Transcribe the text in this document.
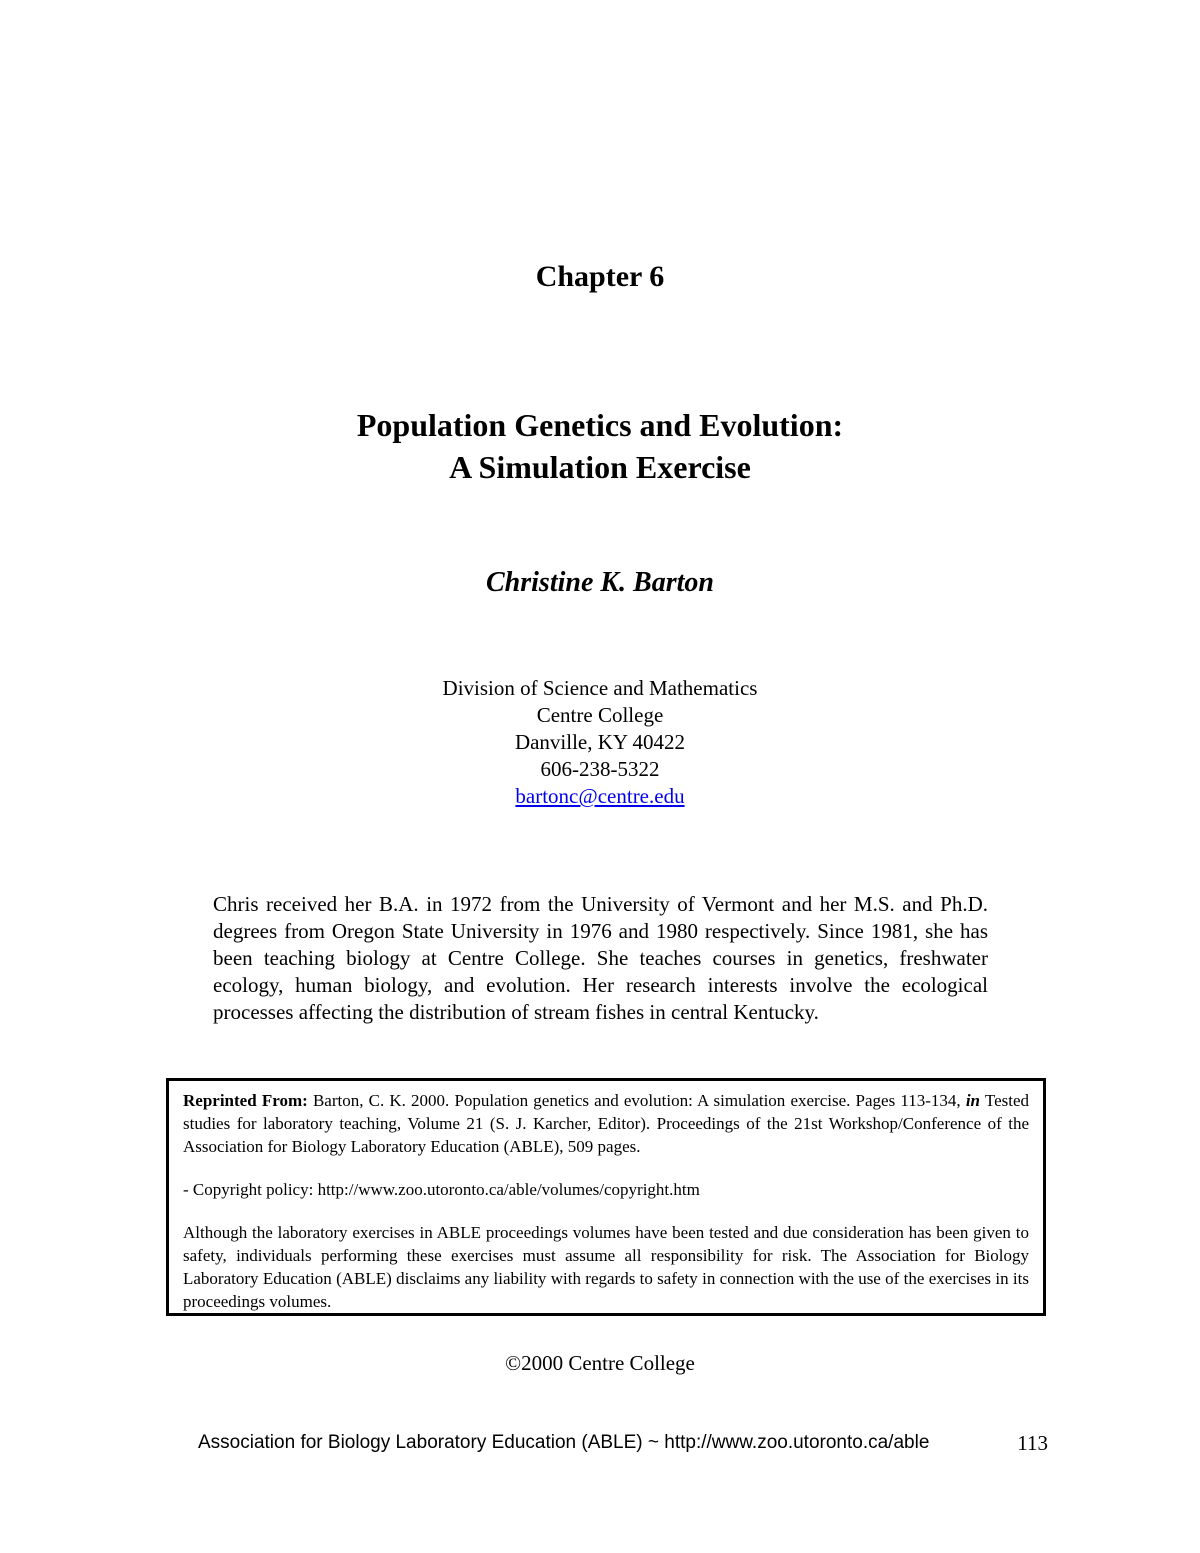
Chapter 6
Population Genetics and Evolution:
A Simulation Exercise
Christine K. Barton
Division of Science and Mathematics
Centre College
Danville, KY 40422
606-238-5322
bartonc@centre.edu

Chris received her B.A. in 1972 from the University of Vermont and her M.S. and Ph.D. degrees from Oregon State University in 1976 and 1980 respectively. Since 1981, she has been teaching biology at Centre College. She teaches courses in genetics, freshwater ecology, human biology, and evolution. Her research interests involve the ecological processes affecting the distribution of stream fishes in central Kentucky.

Reprinted From: Barton, C. K. 2000. Population genetics and evolution: A simulation exercise. Pages 113-134, in Tested studies for laboratory teaching, Volume 21 (S. J. Karcher, Editor). Proceedings of the 21st Workshop/Conference of the Association for Biology Laboratory Education (ABLE), 509 pages.

- Copyright policy: http://www.zoo.utoronto.ca/able/volumes/copyright.htm

Although the laboratory exercises in ABLE proceedings volumes have been tested and due consideration has been given to safety, individuals performing these exercises must assume all responsibility for risk. The Association for Biology Laboratory Education (ABLE) disclaims any liability with regards to safety in connection with the use of the exercises in its proceedings volumes.

©2000 Centre College
Association for Biology Laboratory Education (ABLE) ~ http://www.zoo.utoronto.ca/able	113
